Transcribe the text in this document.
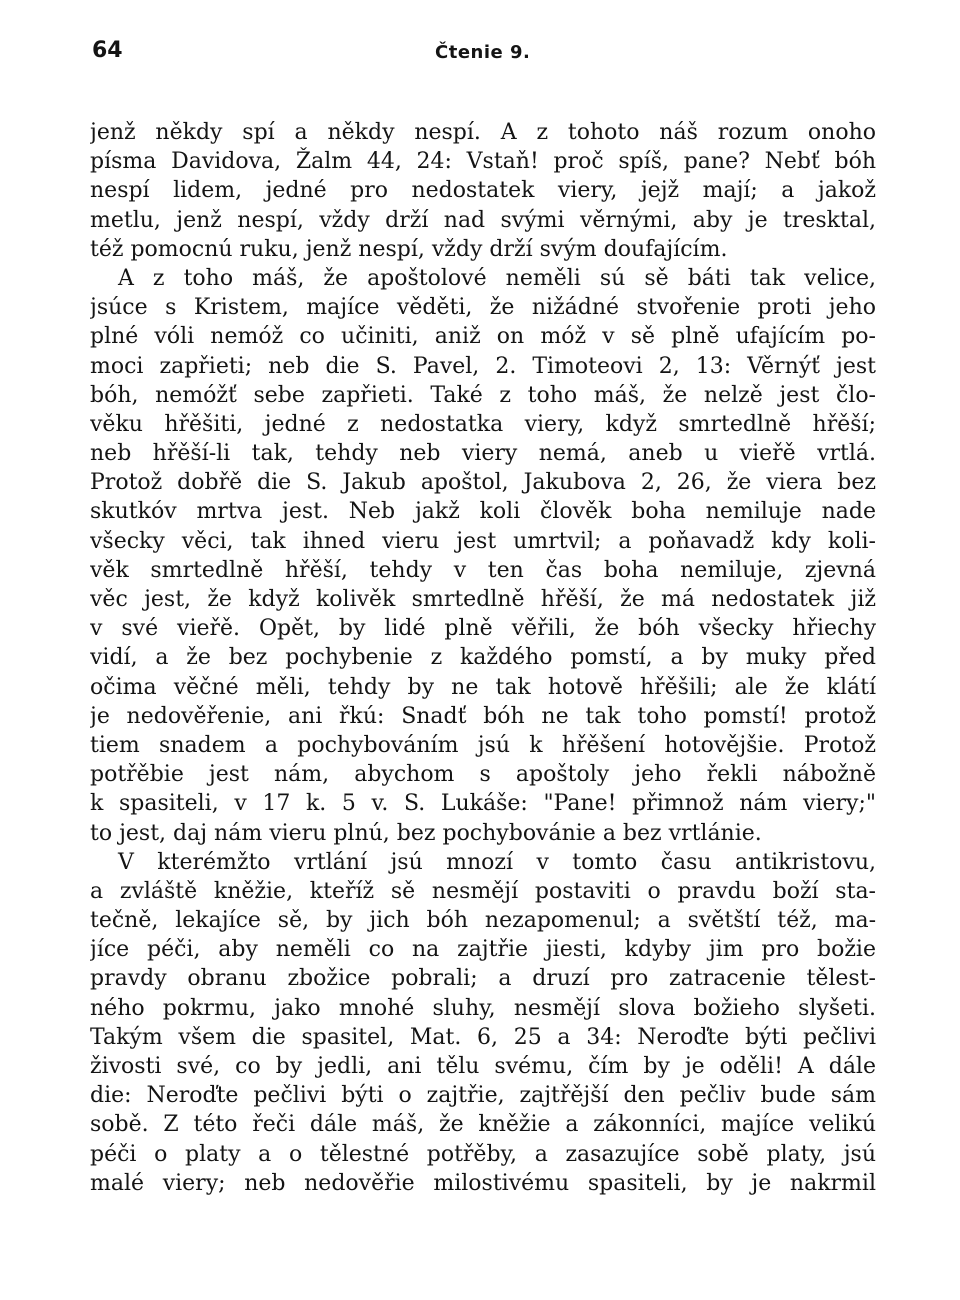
64	Čtenie 9.
jenž někdy spí a někdy nespí. A z tohoto náš rozum onoho
písma Davidova, Žalm 44, 24: Vstaň! proč spíš, pane? Nebť bóh
nespí lidem, jedné pro nedostatek viery, jejž mají; a jakož
metlu, jenž nespí, vždy drží nad svými věrnými, aby je tresktal,
též pomocnú ruku, jenž nespí, vždy drží svým doufajícím.
A z toho máš, že apoštolové neměli sú sě báti tak velice,
jsúce s Kristem, majíce věděti, že nižádné stvořenie proti jeho
plné vóli nemóž co učiniti, aniž on móž v sě plně ufajícím po-
moci zapřieti; neb die S. Pavel, 2. Timoteovi 2, 13: Věrnýť jest
bóh, nemóžť sebe zapřieti. Také z toho máš, že nelzě jest člo-
věku hřěšiti, jedné z nedostatka viery, když smrtedlně hřěší;
neb hřěší-li tak, tehdy neb viery nemá, aneb u vieřě vrtlá.
Protož dobřě die S. Jakub apoštol, Jakubova 2, 26, že viera bez
skutkóv mrtva jest. Neb jakž koli člověk boha nemiluje nade
všecky věci, tak ihned vieru jest umrtvil; a poňavadž kdy koli-
věk smrtedlně hřěší, tehdy v ten čas boha nemiluje, zjevná
věc jest, že když kolivěk smrtedlně hřěší, že má nedostatek již
v své vieřě. Opět, by lidé plně věřili, že bóh všecky hřiechy
vidí, a že bez pochybenie z každého pomstí, a by muky před
očima věčné měli, tehdy by ne tak hotově hřěšili; ale že klátí
je nedověřenie, ani řkú: Snadť bóh ne tak toho pomstí! protož
tiem snadem a pochybováním jsú k hřěšení hotovějšie. Protož
potřěbie jest nám, abychom s apoštoly jeho řekli nábožně
k spasiteli, v 17 k. 5 v. S. Lukáše: "Pane! přimnož nám viery;"
to jest, daj nám vieru plnú, bez pochybovánie a bez vrtlánie.
V kterémžto vrtlání jsú mnozí v tomto času antikristovu,
a zvláště kněžie, kteříž sě nesmějí postaviti o pravdu boží sta-
tečně, lekajíce sě, by jich bóh nezapomenul; a světští též, ma-
jíce péči, aby neměli co na zajtřie jiesti, kdyby jim pro božie
pravdy obranu zbožice pobrali; a druzí pro zatracenie tělest-
ného pokrmu, jako mnohé sluhy, nesmějí slova božieho slyšeti.
Takým všem die spasitel, Mat. 6, 25 a 34: Neroďte býti pečlivi
živosti své, co by jedli, ani tělu svému, čím by je oděli! A dále
die: Neroďte pečlivi býti o zajtřie, zajtřější den pečliv bude sám
sobě. Z této řeči dále máš, že kněžie a zákonníci, majíce velikú
péči o platy a o tělestné potřěby, a zasazujíce sobě platy, jsú
malé viery; neb nedověřie milostivému spasiteli, by je nakrmil
